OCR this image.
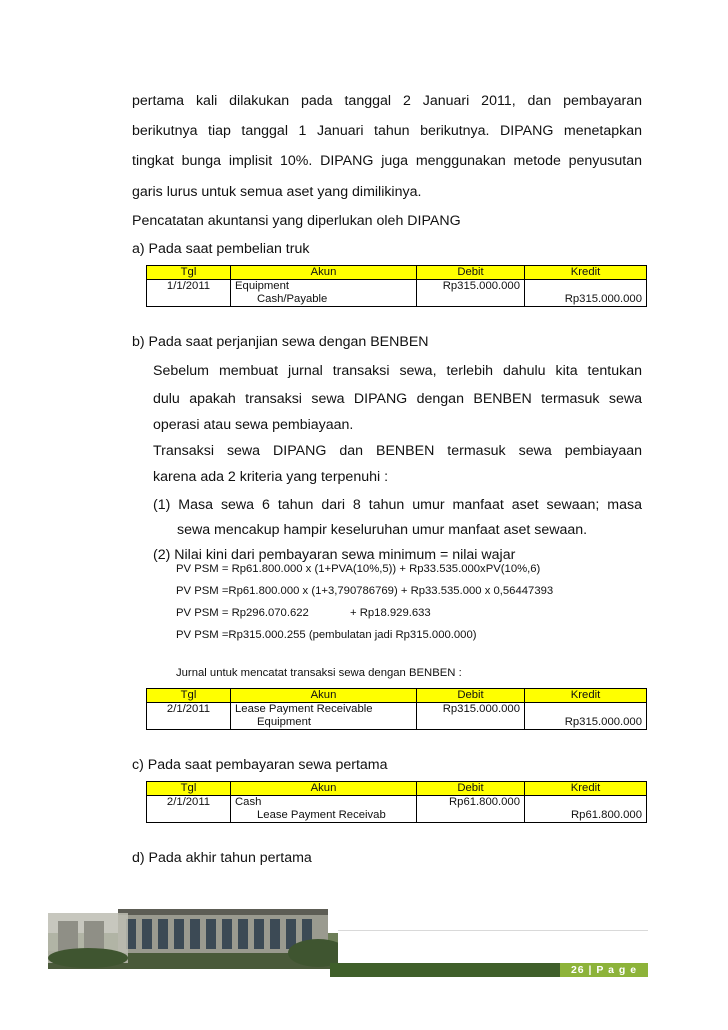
pertama kali dilakukan pada tanggal 2 Januari 2011, dan pembayaran
berikutnya tiap tanggal 1 Januari tahun berikutnya. DIPANG menetapkan
tingkat bunga implisit 10%. DIPANG juga menggunakan metode penyusutan
garis lurus untuk semua aset yang dimilikinya.
Pencatatan akuntansi yang diperlukan oleh DIPANG
a) Pada saat pembelian truk
Tgl	Akun	Debit	Kredit
1/1/2011	Equipment	Rp315.000.000	
	Cash/Payable		Rp315.000.000
b) Pada saat perjanjian sewa dengan BENBEN
Sebelum membuat jurnal transaksi sewa, terlebih dahulu kita tentukan
dulu apakah transaksi sewa DIPANG dengan BENBEN termasuk sewa
operasi atau sewa pembiayaan.
Transaksi sewa DIPANG dan BENBEN termasuk sewa pembiayaan
karena ada 2 kriteria yang terpenuhi :
(1) Masa sewa 6 tahun dari 8 tahun umur manfaat aset sewaan; masa
sewa mencakup hampir keseluruhan umur manfaat aset sewaan.
(2) Nilai kini dari pembayaran sewa minimum = nilai wajar
PV PSM = Rp61.800.000 x (1+PVA(10%,5)) + Rp33.535.000xPV(10%,6)
PV PSM =Rp61.800.000 x (1+3,790786769) + Rp33.535.000 x 0,56447393
PV PSM = Rp296.070.622	+ Rp18.929.633
PV PSM =Rp315.000.255 (pembulatan jadi Rp315.000.000)
Jurnal untuk mencatat transaksi sewa dengan BENBEN :
Tgl	Akun	Debit	Kredit
2/1/2011	Lease Payment Receivable	Rp315.000.000	
	Equipment		Rp315.000.000
c) Pada saat pembayaran sewa pertama
Tgl	Akun	Debit	Kredit
2/1/2011	Cash	Rp61.800.000	
	Lease Payment Receivab		Rp61.800.000
d) Pada akhir tahun pertama
26 | P a g e
